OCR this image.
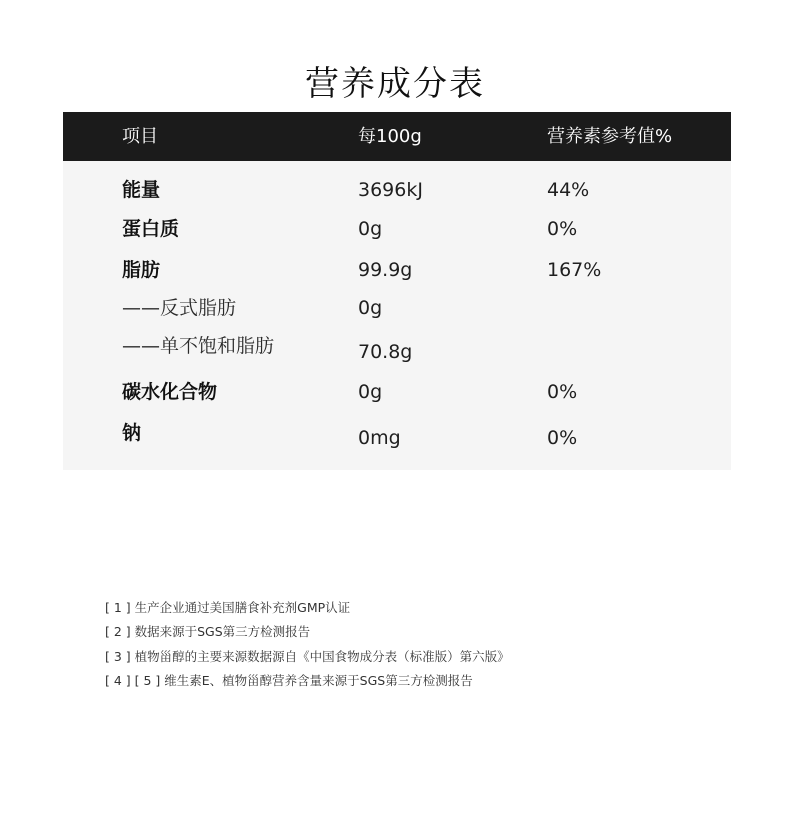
营养成分表
项目	每100g	营养素参考值%
能量	3696kJ	44%
蛋白质	0g	0%
脂肪	99.9g	167%
——反式脂肪	0g
——单不饱和脂肪	70.8g
碳水化合物	0g	0%
钠	0mg	0%
[ 1 ] 生产企业通过美国膳食补充剂GMP认证
[ 2 ] 数据来源于SGS第三方检测报告
[ 3 ] 植物甾醇的主要来源数据源自《中国食物成分表（标准版）第六版》
[ 4 ] [ 5 ] 维生素E、植物甾醇营养含量来源于SGS第三方检测报告
